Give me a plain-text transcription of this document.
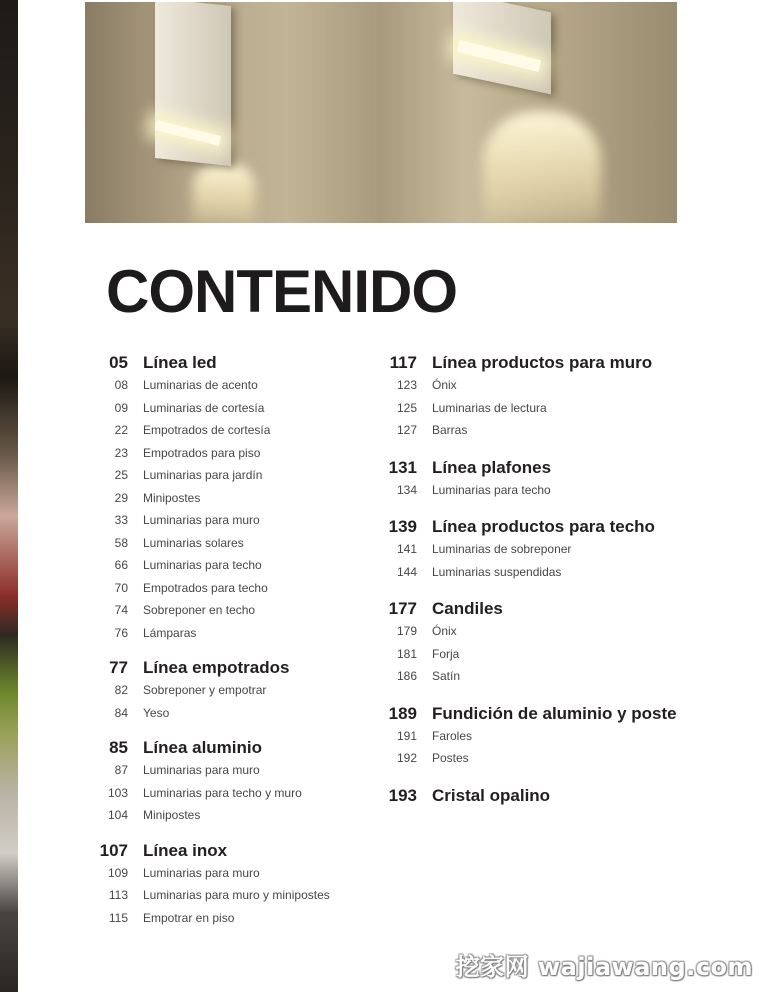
CONTENIDO
05 Línea led
08 Luminarias de acento
09 Luminarias de cortesía
22 Empotrados de cortesía
23 Empotrados para piso
25 Luminarias para jardín
29 Minipostes
33 Luminarias para muro
58 Luminarias solares
66 Luminarias para techo
70 Empotrados para techo
74 Sobreponer en techo
76 Lámparas
77 Línea empotrados
82 Sobreponer y empotrar
84 Yeso
85 Línea aluminio
87 Luminarias para muro
103 Luminarias para techo y muro
104 Minipostes
107 Línea inox
109 Luminarias para muro
113 Luminarias para muro y minipostes
115 Empotrar en piso
117 Línea productos para muro
123 Ónix
125 Luminarias de lectura
127 Barras
131 Línea plafones
134 Luminarias para techo
139 Línea productos para techo
141 Luminarias de sobreponer
144 Luminarias suspendidas
177 Candiles
179 Ónix
181 Forja
186 Satín
189 Fundición de aluminio y poste
191 Faroles
192 Postes
193 Cristal opalino
挖家网 wajiawang.com
